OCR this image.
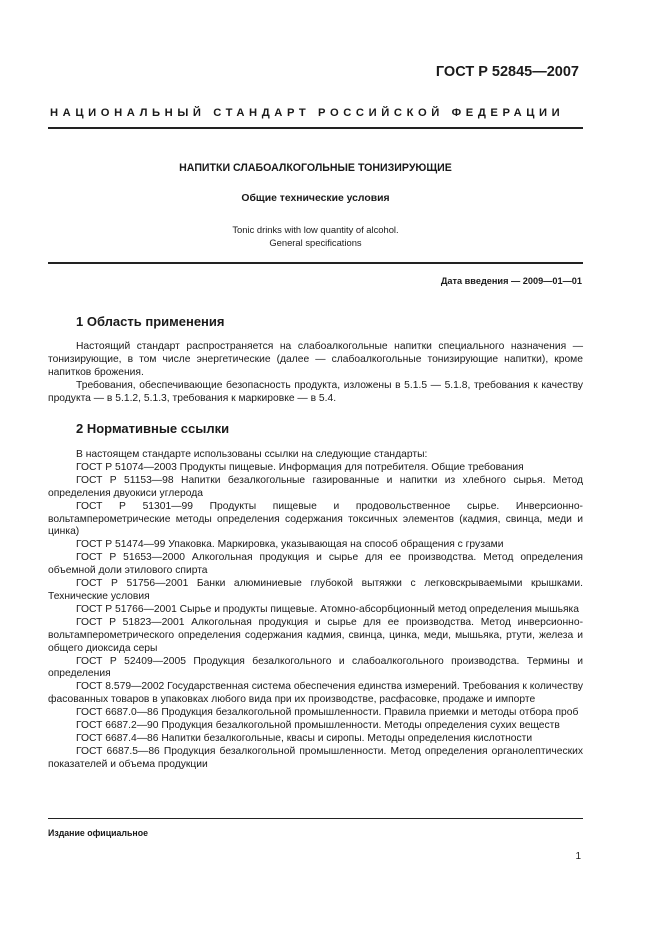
ГОСТ Р 52845—2007
НАЦИОНАЛЬНЫЙ СТАНДАРТ РОССИЙСКОЙ ФЕДЕРАЦИИ
НАПИТКИ СЛАБОАЛКОГОЛЬНЫЕ ТОНИЗИРУЮЩИЕ
Общие технические условия
Tonic drinks with low quantity of alcohol.
General specifications
Дата введения — 2009—01—01
1 Область применения

Настоящий стандарт распространяется на слабоалкогольные напитки специального назначения — тонизирующие, в том числе энергетические (далее — слабоалкогольные тонизирующие напитки), кроме напитков брожения.

Требования, обеспечивающие безопасность продукта, изложены в 5.1.5 — 5.1.8, требования к качеству продукта — в 5.1.2, 5.1.3, требования к маркировке — в 5.4.

2 Нормативные ссылки

В настоящем стандарте использованы ссылки на следующие стандарты:

ГОСТ Р 51074—2003 Продукты пищевые. Информация для потребителя. Общие требования

ГОСТ Р 51153—98 Напитки безалкогольные газированные и напитки из хлебного сырья. Метод определения двуокиси углерода

ГОСТ Р 51301—99 Продукты пищевые и продовольственное сырье. Инверсионно-вольтамперометрические методы определения содержания токсичных элементов (кадмия, свинца, меди и цинка)

ГОСТ Р 51474—99 Упаковка. Маркировка, указывающая на способ обращения с грузами

ГОСТ Р 51653—2000 Алкогольная продукция и сырье для ее производства. Метод определения объемной доли этилового спирта

ГОСТ Р 51756—2001 Банки алюминиевые глубокой вытяжки с легковскрываемыми крышками. Технические условия

ГОСТ Р 51766—2001 Сырье и продукты пищевые. Атомно-абсорбционный метод определения мышьяка

ГОСТ Р 51823—2001 Алкогольная продукция и сырье для ее производства. Метод инверсионно-вольтамперометрического определения содержания кадмия, свинца, цинка, меди, мышьяка, ртути, железа и общего диоксида серы

ГОСТ Р 52409—2005 Продукция безалкогольного и слабоалкогольного производства. Термины и определения

ГОСТ 8.579—2002 Государственная система обеспечения единства измерений. Требования к количеству фасованных товаров в упаковках любого вида при их производстве, расфасовке, продаже и импорте

ГОСТ 6687.0—86 Продукция безалкогольной промышленности. Правила приемки и методы отбора проб

ГОСТ 6687.2—90 Продукция безалкогольной промышленности. Методы определения сухих веществ

ГОСТ 6687.4—86 Напитки безалкогольные, квасы и сиропы. Методы определения кислотности

ГОСТ 6687.5—86 Продукция безалкогольной промышленности. Метод определения органолептических показателей и объема продукции

Издание официальное
1
